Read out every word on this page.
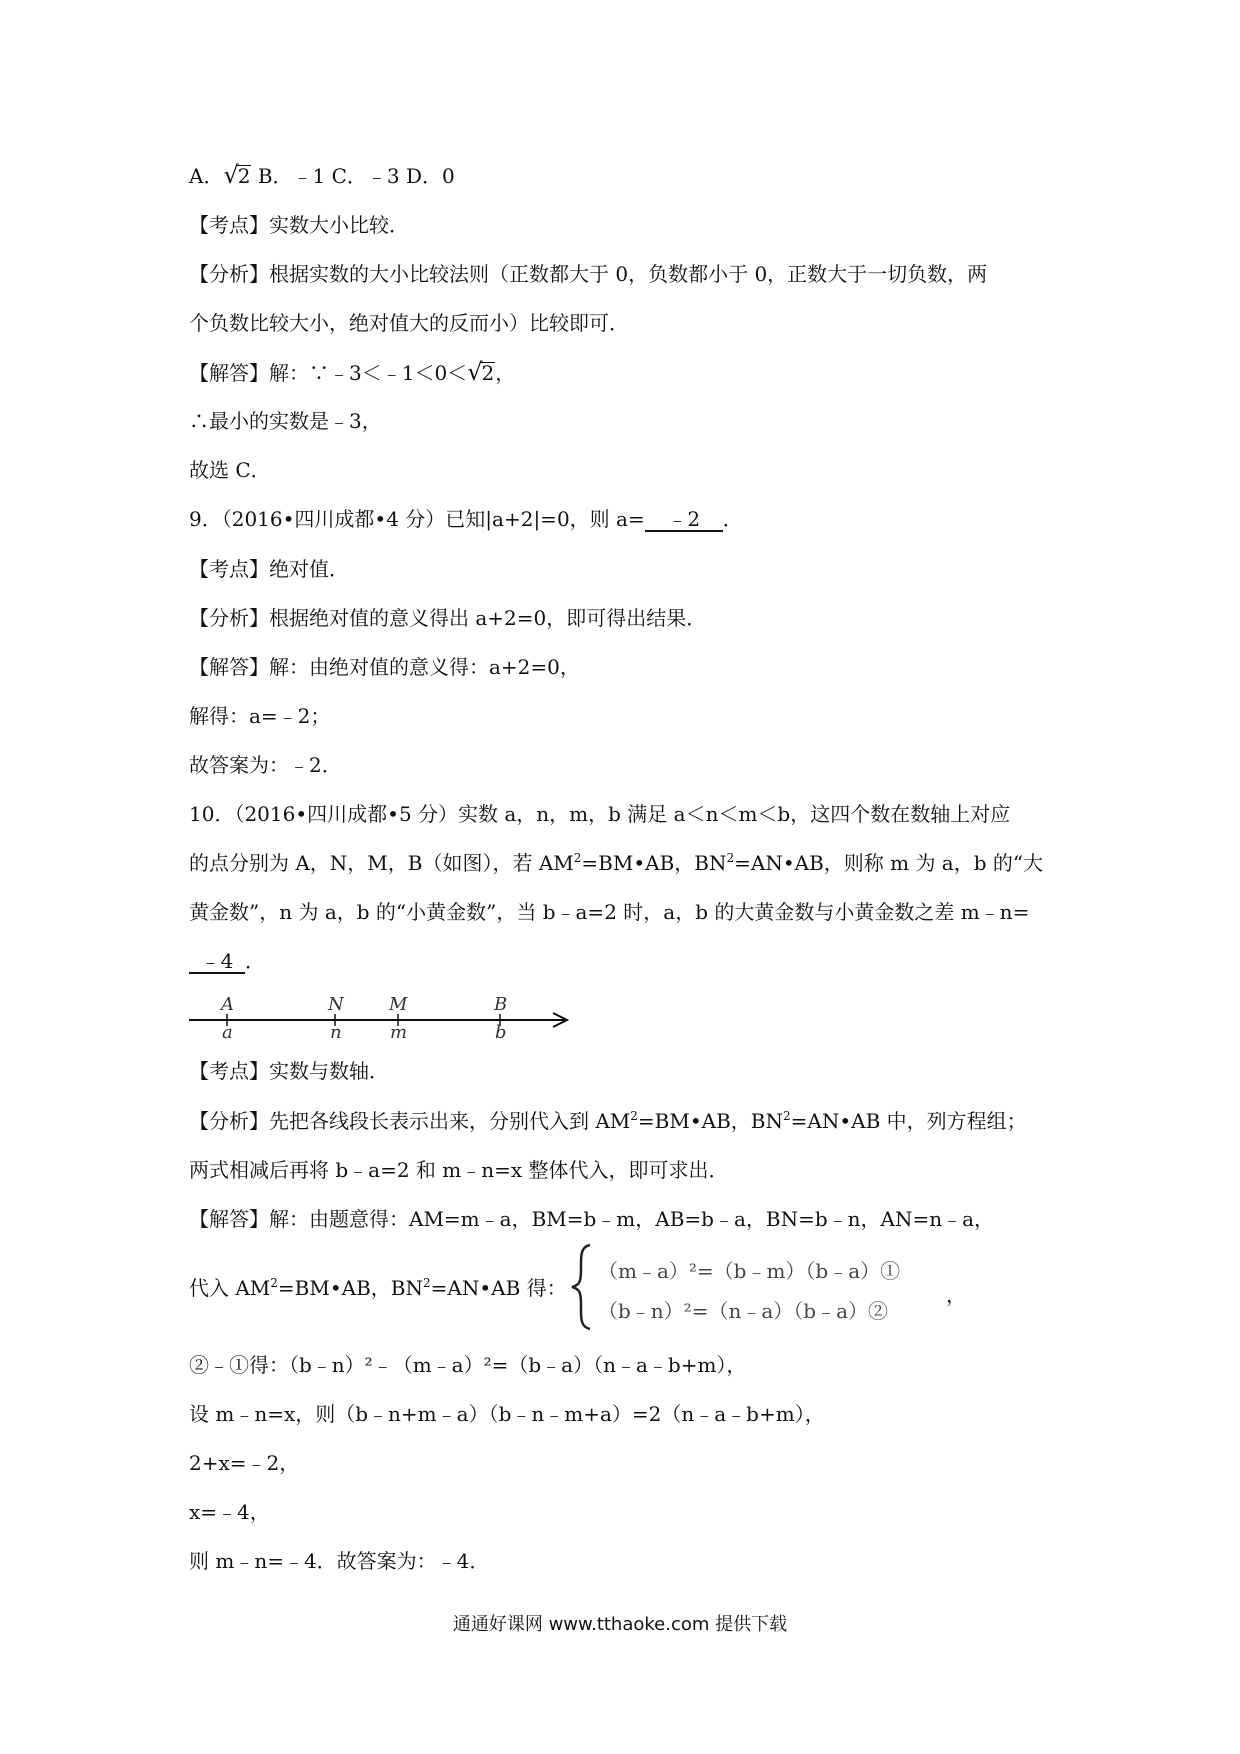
A．√2 B．﹣1 C．﹣3 D．0
【考点】实数大小比较．
【分析】根据实数的大小比较法则（正数都大于 0，负数都小于 0，正数大于一切负数，两
个负数比较大小，绝对值大的反而小）比较即可．
【解答】解：∵﹣3＜﹣1＜0＜√2，
∴最小的实数是﹣3，
故选 C．
9．（2016•四川成都•4 分）已知|a+2|=0，则 a= ﹣2 ．
【考点】绝对值．
【分析】根据绝对值的意义得出 a+2=0，即可得出结果．
【解答】解：由绝对值的意义得：a+2=0，
解得：a=﹣2；
故答案为：﹣2．
10．（2016•四川成都•5 分）实数 a，n，m，b 满足 a＜n＜m＜b，这四个数在数轴上对应
的点分别为 A，N，M，B（如图），若 $AM^2=BM•AB$，$BN^2=AN•AB$，则称 m 为 a，b 的“大
黄金数”，n 为 a，b 的“小黄金数”，当 b﹣a=2 时，a，b 的大黄金数与小黄金数之差 m﹣n=
﹣4 ．
A	N	M	B
a	n	m	b
【考点】实数与数轴．
【分析】先把各线段长表示出来，分别代入到 $AM^2=BM•AB$，$BN^2=AN•AB$ 中，列方程组；
两式相减后再将 b﹣a=2 和 m﹣n=x 整体代入，即可求出．
【解答】解：由题意得：AM=m﹣a，BM=b﹣m，AB=b﹣a，BN=b﹣n，AN=n﹣a，
代入 $AM^2=BM•AB$，$BN^2=AN•AB$ 得：
（m﹣a）²=（b﹣m）（b﹣a）①
（b﹣n）²=（n﹣a）（b﹣a）②
，
②﹣①得：（b﹣n）²﹣（m﹣a）²=（b﹣a）（n﹣a﹣b+m），
设 m﹣n=x，则（b﹣n+m﹣a）（b﹣n﹣m+a）=2（n﹣a﹣b+m），
2+x=﹣2，
x=﹣4，
则 m﹣n=﹣4．故答案为：﹣4．
通通好课网 www.tthaoke.com 提供下载
